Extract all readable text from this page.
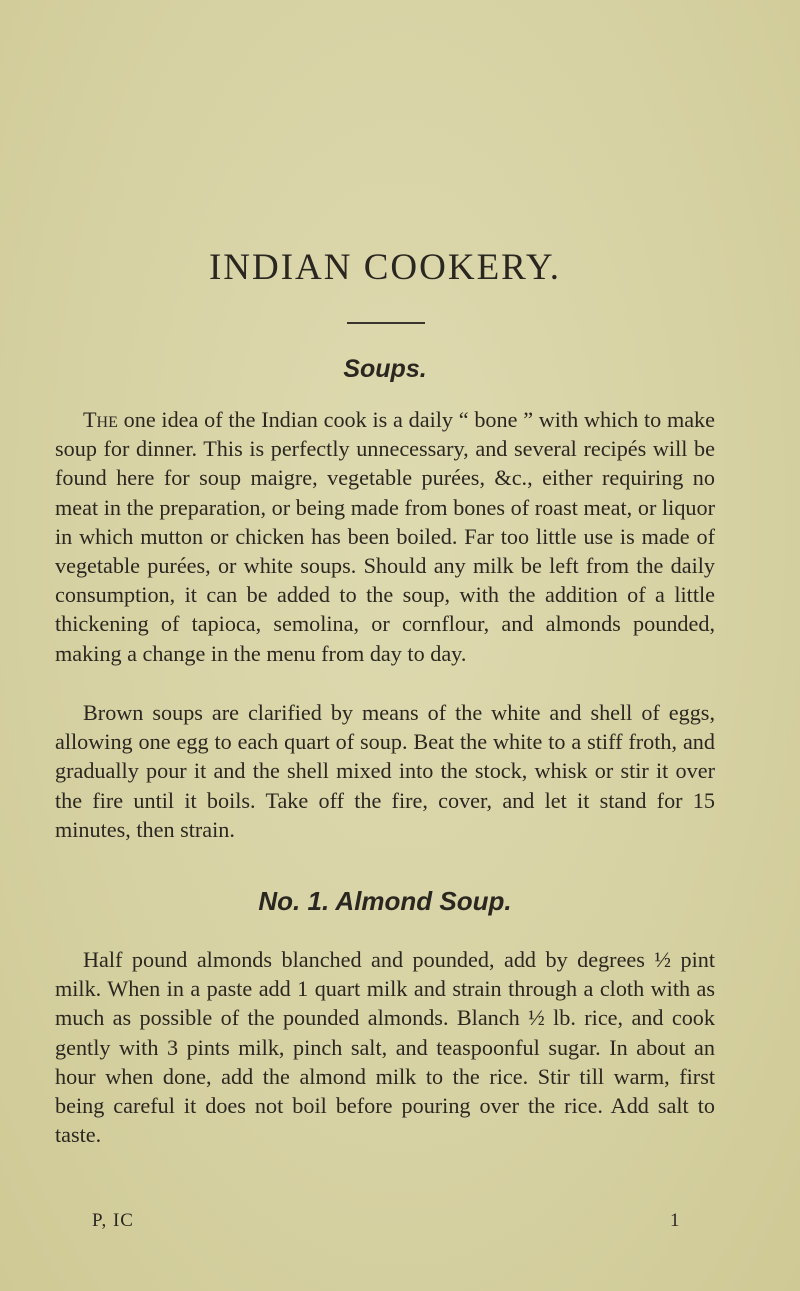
INDIAN COOKERY.
Soups.

The one idea of the Indian cook is a daily “ bone ” with which to make soup for dinner. This is perfectly unnecessary, and several recipés will be found here for soup maigre, vegetable purées, &c., either requiring no meat in the preparation, or being made from bones of roast meat, or liquor in which mutton or chicken has been boiled. Far too little use is made of vegetable purées, or white soups. Should any milk be left from the daily consumption, it can be added to the soup, with the addition of a little thickening of tapioca, semolina, or cornflour, and almonds pounded, making a change in the menu from day to day.

Brown soups are clarified by means of the white and shell of eggs, allowing one egg to each quart of soup. Beat the white to a stiff froth, and gradually pour it and the shell mixed into the stock, whisk or stir it over the fire until it boils. Take off the fire, cover, and let it stand for 15 minutes, then strain.

No. 1. Almond Soup.

Half pound almonds blanched and pounded, add by degrees ½ pint milk. When in a paste add 1 quart milk and strain through a cloth with as much as possible of the pounded almonds. Blanch ½ lb. rice, and cook gently with 3 pints milk, pinch salt, and teaspoonful sugar. In about an hour when done, add the almond milk to the rice. Stir till warm, first being careful it does not boil before pouring over the rice. Add salt to taste.

P, IC	1
